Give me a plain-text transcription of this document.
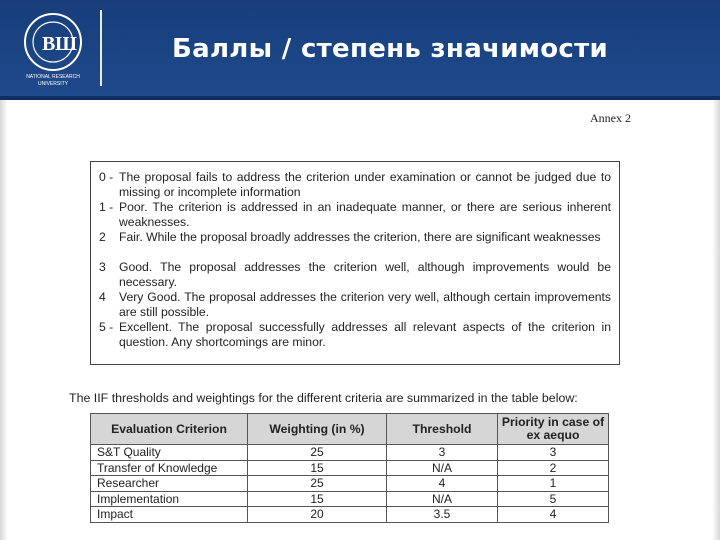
B Ш
NATIONAL RESEARCH
UNIVERSITY
Баллы / степень значимости
Annex 2
0 - The proposal fails to address the criterion under examination or cannot be judged due to missing or incomplete information
1 - Poor. The criterion is addressed in an inadequate manner, or there are serious inherent weaknesses.
2	Fair. While the proposal broadly addresses the criterion, there are significant weaknesses
3	Good. The proposal addresses the criterion well, although improvements would be necessary.
4	Very Good. The proposal addresses the criterion very well, although certain improvements are still possible.
5 - Excellent. The proposal successfully addresses all relevant aspects of the criterion in question. Any shortcomings are minor.
The IIF thresholds and weightings for the different criteria are summarized in the table below:
Evaluation Criterion	Weighting (in %)	Threshold	Priority in case of ex aequo
S&T Quality	25	3	3
Transfer of Knowledge	15	N/A	2
Researcher	25	4	1
Implementation	15	N/A	5
Impact	20	3.5	4
